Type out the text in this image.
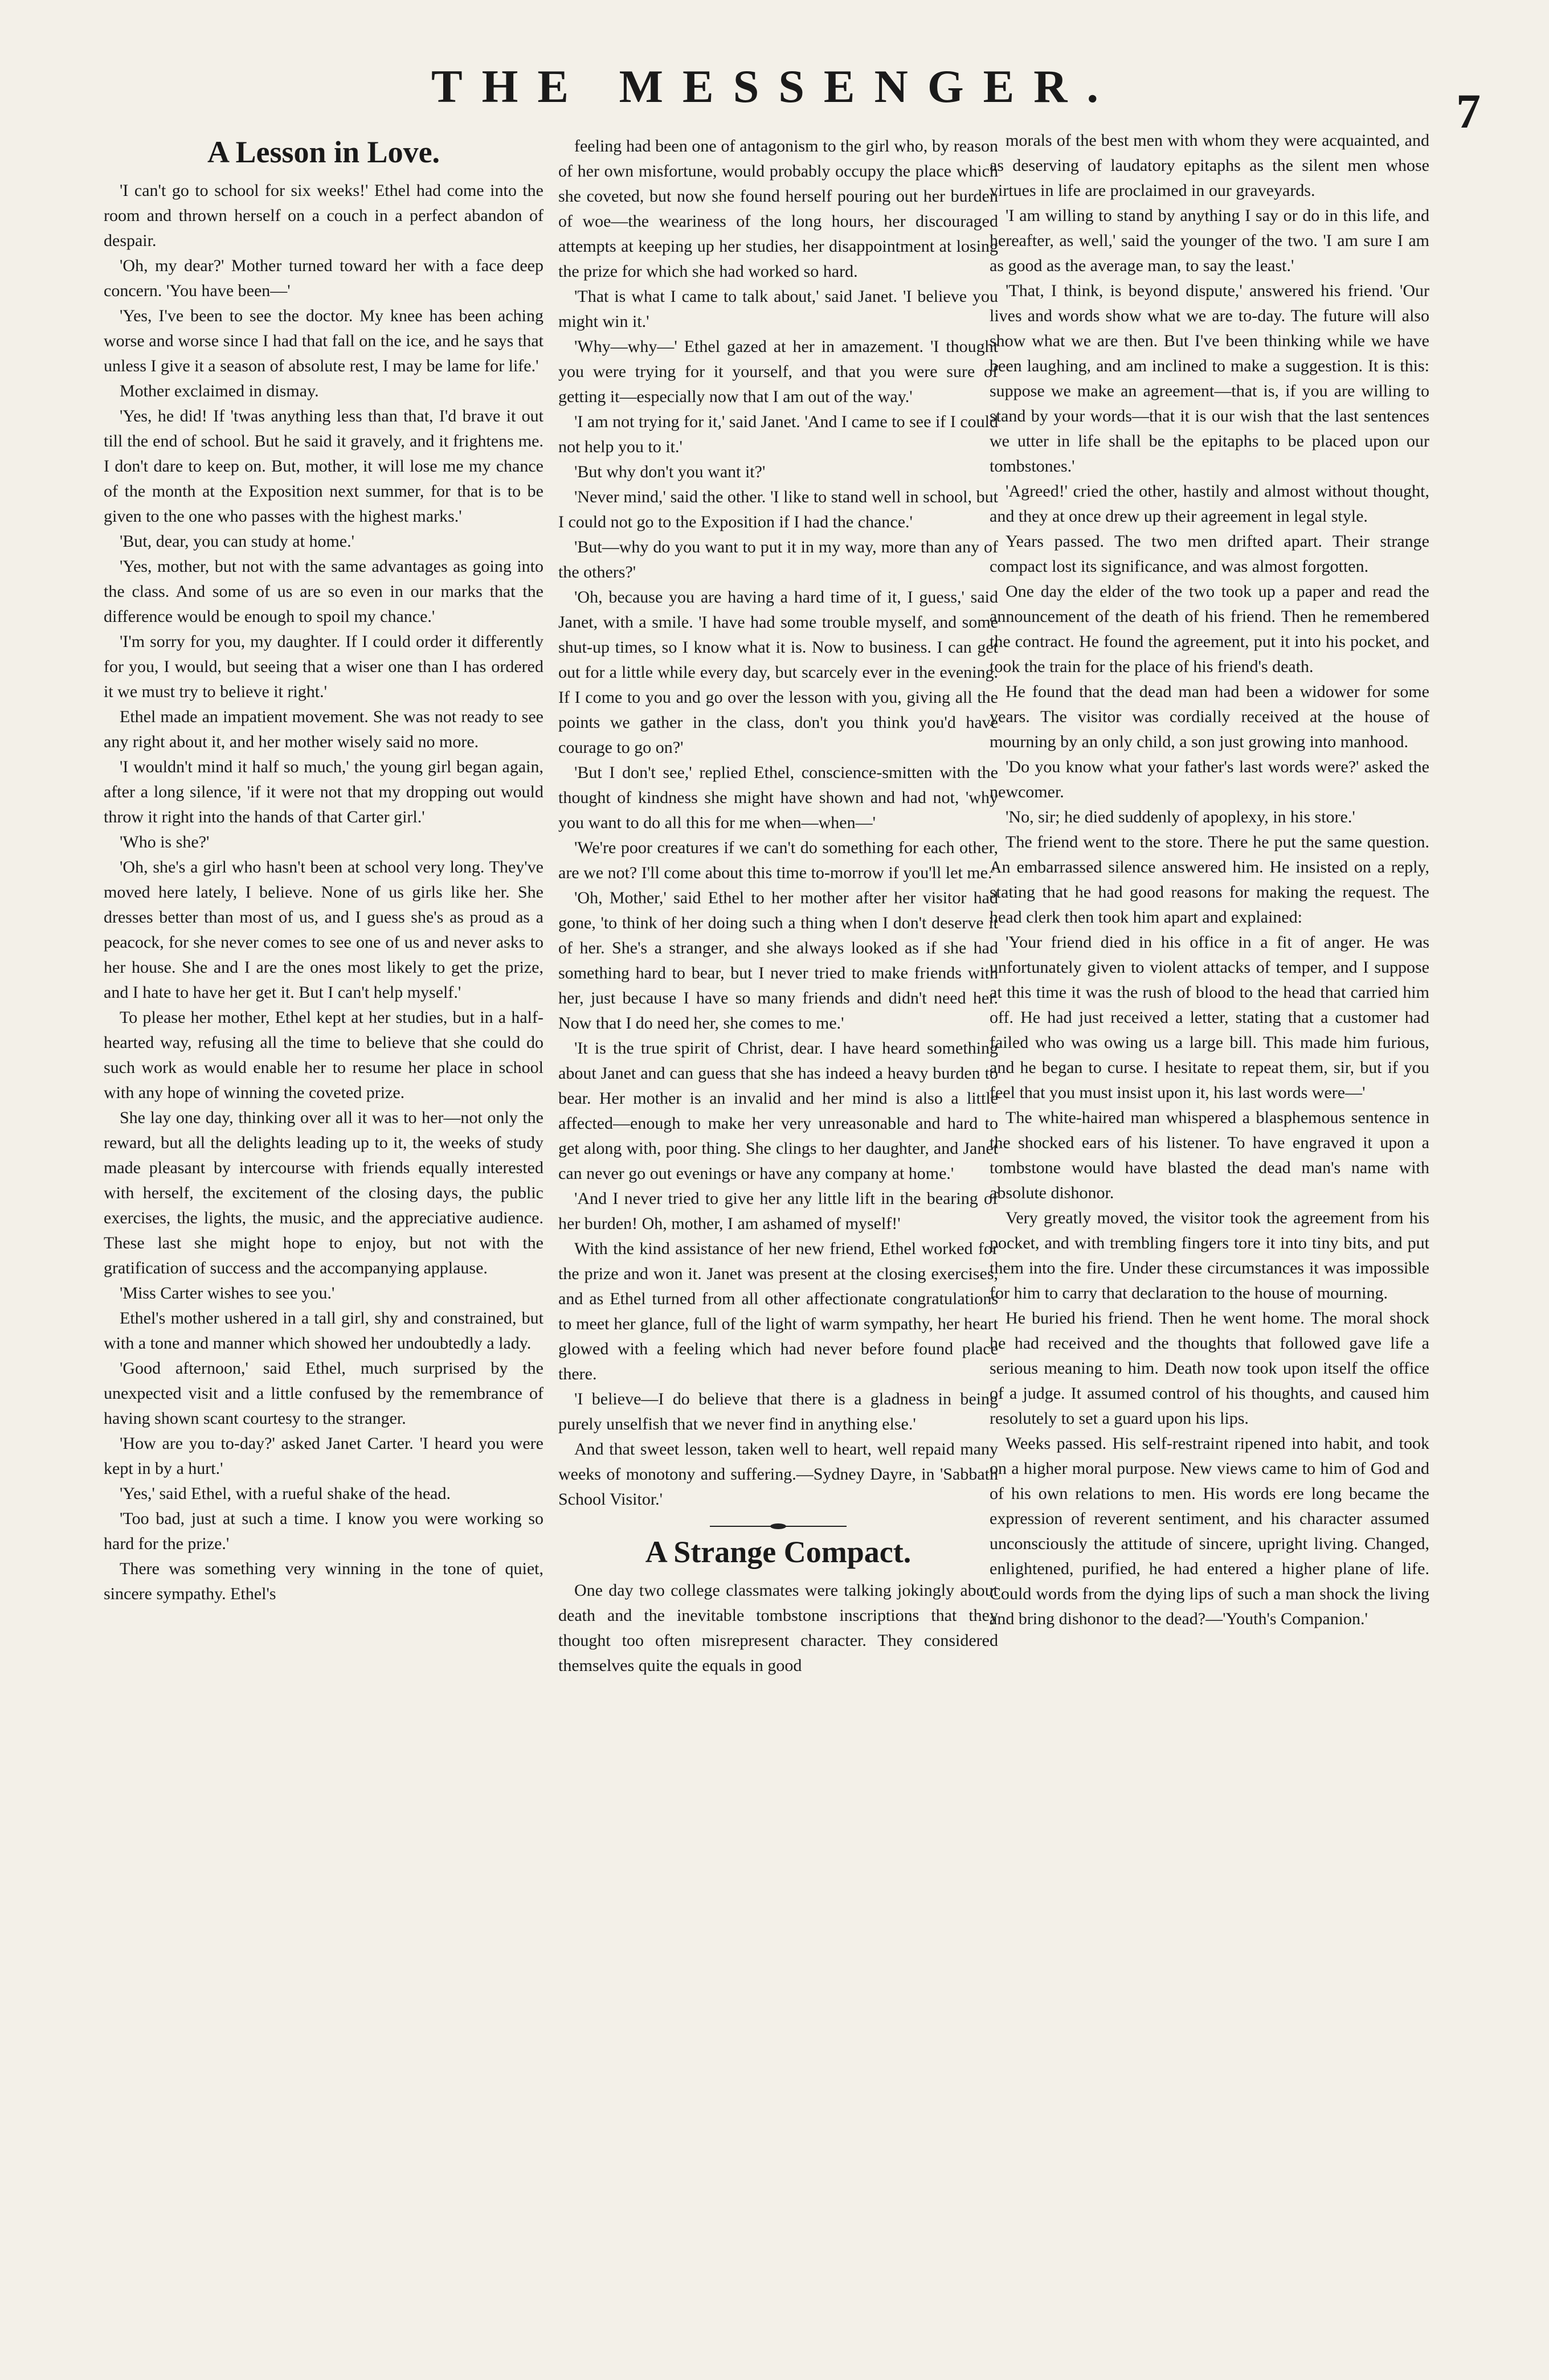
THE MESSENGER.	7

A Lesson in Love.

'I can't go to school for six weeks!' Ethel had come into the room and thrown herself on a couch in a perfect abandon of despair.

'Oh, my dear?' Mother turned toward her with a face deep concern. 'You have been—'

'Yes, I've been to see the doctor. My knee has been aching worse and worse since I had that fall on the ice, and he says that unless I give it a season of absolute rest, I may be lame for life.'

Mother exclaimed in dismay.

'Yes, he did! If 'twas anything less than that, I'd brave it out till the end of school. But he said it gravely, and it frightens me. I don't dare to keep on. But, mother, it will lose me my chance of the month at the Exposition next summer, for that is to be given to the one who passes with the highest marks.'

'But, dear, you can study at home.'

'Yes, mother, but not with the same advantages as going into the class. And some of us are so even in our marks that the difference would be enough to spoil my chance.'

'I'm sorry for you, my daughter. If I could order it differently for you, I would, but seeing that a wiser one than I has ordered it we must try to believe it right.'

Ethel made an impatient movement. She was not ready to see any right about it, and her mother wisely said no more.

'I wouldn't mind it half so much,' the young girl began again, after a long silence, 'if it were not that my dropping out would throw it right into the hands of that Carter girl.'

'Who is she?'

'Oh, she's a girl who hasn't been at school very long. They've moved here lately, I believe. None of us girls like her. She dresses better than most of us, and I guess she's as proud as a peacock, for she never comes to see one of us and never asks to her house. She and I are the ones most likely to get the prize, and I hate to have her get it. But I can't help myself.'

To please her mother, Ethel kept at her studies, but in a half-hearted way, refusing all the time to believe that she could do such work as would enable her to resume her place in school with any hope of winning the coveted prize.

She lay one day, thinking over all it was to her—not only the reward, but all the delights leading up to it, the weeks of study made pleasant by intercourse with friends equally interested with herself, the excitement of the closing days, the public exercises, the lights, the music, and the appreciative audience. These last she might hope to enjoy, but not with the gratification of success and the accompanying applause.

'Miss Carter wishes to see you.'

Ethel's mother ushered in a tall girl, shy and constrained, but with a tone and manner which showed her undoubtedly a lady.

'Good afternoon,' said Ethel, much surprised by the unexpected visit and a little confused by the remembrance of having shown scant courtesy to the stranger.

'How are you to-day?' asked Janet Carter. 'I heard you were kept in by a hurt.'

'Yes,' said Ethel, with a rueful shake of the head.

'Too bad, just at such a time. I know you were working so hard for the prize.'

There was something very winning in the tone of quiet, sincere sympathy. Ethel's

feeling had been one of antagonism to the girl who, by reason of her own misfortune, would probably occupy the place which she coveted, but now she found herself pouring out her burden of woe—the weariness of the long hours, her discouraged attempts at keeping up her studies, her disappointment at losing the prize for which she had worked so hard.

'That is what I came to talk about,' said Janet. 'I believe you might win it.'

'Why—why—' Ethel gazed at her in amazement. 'I thought you were trying for it yourself, and that you were sure of getting it—especially now that I am out of the way.'

'I am not trying for it,' said Janet. 'And I came to see if I could not help you to it.'

'But why don't you want it?'

'Never mind,' said the other. 'I like to stand well in school, but I could not go to the Exposition if I had the chance.'

'But—why do you want to put it in my way, more than any of the others?'

'Oh, because you are having a hard time of it, I guess,' said Janet, with a smile. 'I have had some trouble myself, and some shut-up times, so I know what it is. Now to business. I can get out for a little while every day, but scarcely ever in the evening. If I come to you and go over the lesson with you, giving all the points we gather in the class, don't you think you'd have courage to go on?'

'But I don't see,' replied Ethel, conscience-smitten with the thought of kindness she might have shown and had not, 'why you want to do all this for me when—when—'

'We're poor creatures if we can't do something for each other, are we not? I'll come about this time to-morrow if you'll let me.'

'Oh, Mother,' said Ethel to her mother after her visitor had gone, 'to think of her doing such a thing when I don't deserve it of her. She's a stranger, and she always looked as if she had something hard to bear, but I never tried to make friends with her, just because I have so many friends and didn't need her. Now that I do need her, she comes to me.'

'It is the true spirit of Christ, dear. I have heard something about Janet and can guess that she has indeed a heavy burden to bear. Her mother is an invalid and her mind is also a little affected—enough to make her very unreasonable and hard to get along with, poor thing. She clings to her daughter, and Janet can never go out evenings or have any company at home.'

'And I never tried to give her any little lift in the bearing of her burden! Oh, mother, I am ashamed of myself!'

With the kind assistance of her new friend, Ethel worked for the prize and won it. Janet was present at the closing exercises, and as Ethel turned from all other affectionate congratulations to meet her glance, full of the light of warm sympathy, her heart glowed with a feeling which had never before found place there.

'I believe—I do believe that there is a gladness in being purely unselfish that we never find in anything else.'

And that sweet lesson, taken well to heart, well repaid many weeks of monotony and suffering.—Sydney Dayre, in 'Sabbath School Visitor.'

A Strange Compact.

One day two college classmates were talking jokingly about death and the inevitable tombstone inscriptions that they thought too often misrepresent character. They considered themselves quite the equals in good

morals of the best men with whom they were acquainted, and as deserving of laudatory epitaphs as the silent men whose virtues in life are proclaimed in our graveyards.

'I am willing to stand by anything I say or do in this life, and hereafter, as well,' said the younger of the two. 'I am sure I am as good as the average man, to say the least.'

'That, I think, is beyond dispute,' answered his friend. 'Our lives and words show what we are to-day. The future will also show what we are then. But I've been thinking while we have been laughing, and am inclined to make a suggestion. It is this: suppose we make an agreement—that is, if you are willing to stand by your words—that it is our wish that the last sentences we utter in life shall be the epitaphs to be placed upon our tombstones.'

'Agreed!' cried the other, hastily and almost without thought, and they at once drew up their agreement in legal style.

Years passed. The two men drifted apart. Their strange compact lost its significance, and was almost forgotten.

One day the elder of the two took up a paper and read the announcement of the death of his friend. Then he remembered the contract. He found the agreement, put it into his pocket, and took the train for the place of his friend's death.

He found that the dead man had been a widower for some years. The visitor was cordially received at the house of mourning by an only child, a son just growing into manhood.

'Do you know what your father's last words were?' asked the newcomer.

'No, sir; he died suddenly of apoplexy, in his store.'

The friend went to the store. There he put the same question. An embarrassed silence answered him. He insisted on a reply, stating that he had good reasons for making the request. The head clerk then took him apart and explained:

'Your friend died in his office in a fit of anger. He was unfortunately given to violent attacks of temper, and I suppose at this time it was the rush of blood to the head that carried him off. He had just received a letter, stating that a customer had failed who was owing us a large bill. This made him furious, and he began to curse. I hesitate to repeat them, sir, but if you feel that you must insist upon it, his last words were—'

The white-haired man whispered a blasphemous sentence in the shocked ears of his listener. To have engraved it upon a tombstone would have blasted the dead man's name with absolute dishonor.

Very greatly moved, the visitor took the agreement from his pocket, and with trembling fingers tore it into tiny bits, and put them into the fire. Under these circumstances it was impossible for him to carry that declaration to the house of mourning.

He buried his friend. Then he went home. The moral shock he had received and the thoughts that followed gave life a serious meaning to him. Death now took upon itself the office of a judge. It assumed control of his thoughts, and caused him resolutely to set a guard upon his lips.

Weeks passed. His self-restraint ripened into habit, and took on a higher moral purpose. New views came to him of God and of his own relations to men. His words ere long became the expression of reverent sentiment, and his character assumed unconsciously the attitude of sincere, upright living. Changed, enlightened, purified, he had entered a higher plane of life. Could words from the dying lips of such a man shock the living and bring dishonor to the dead?—'Youth's Companion.'
